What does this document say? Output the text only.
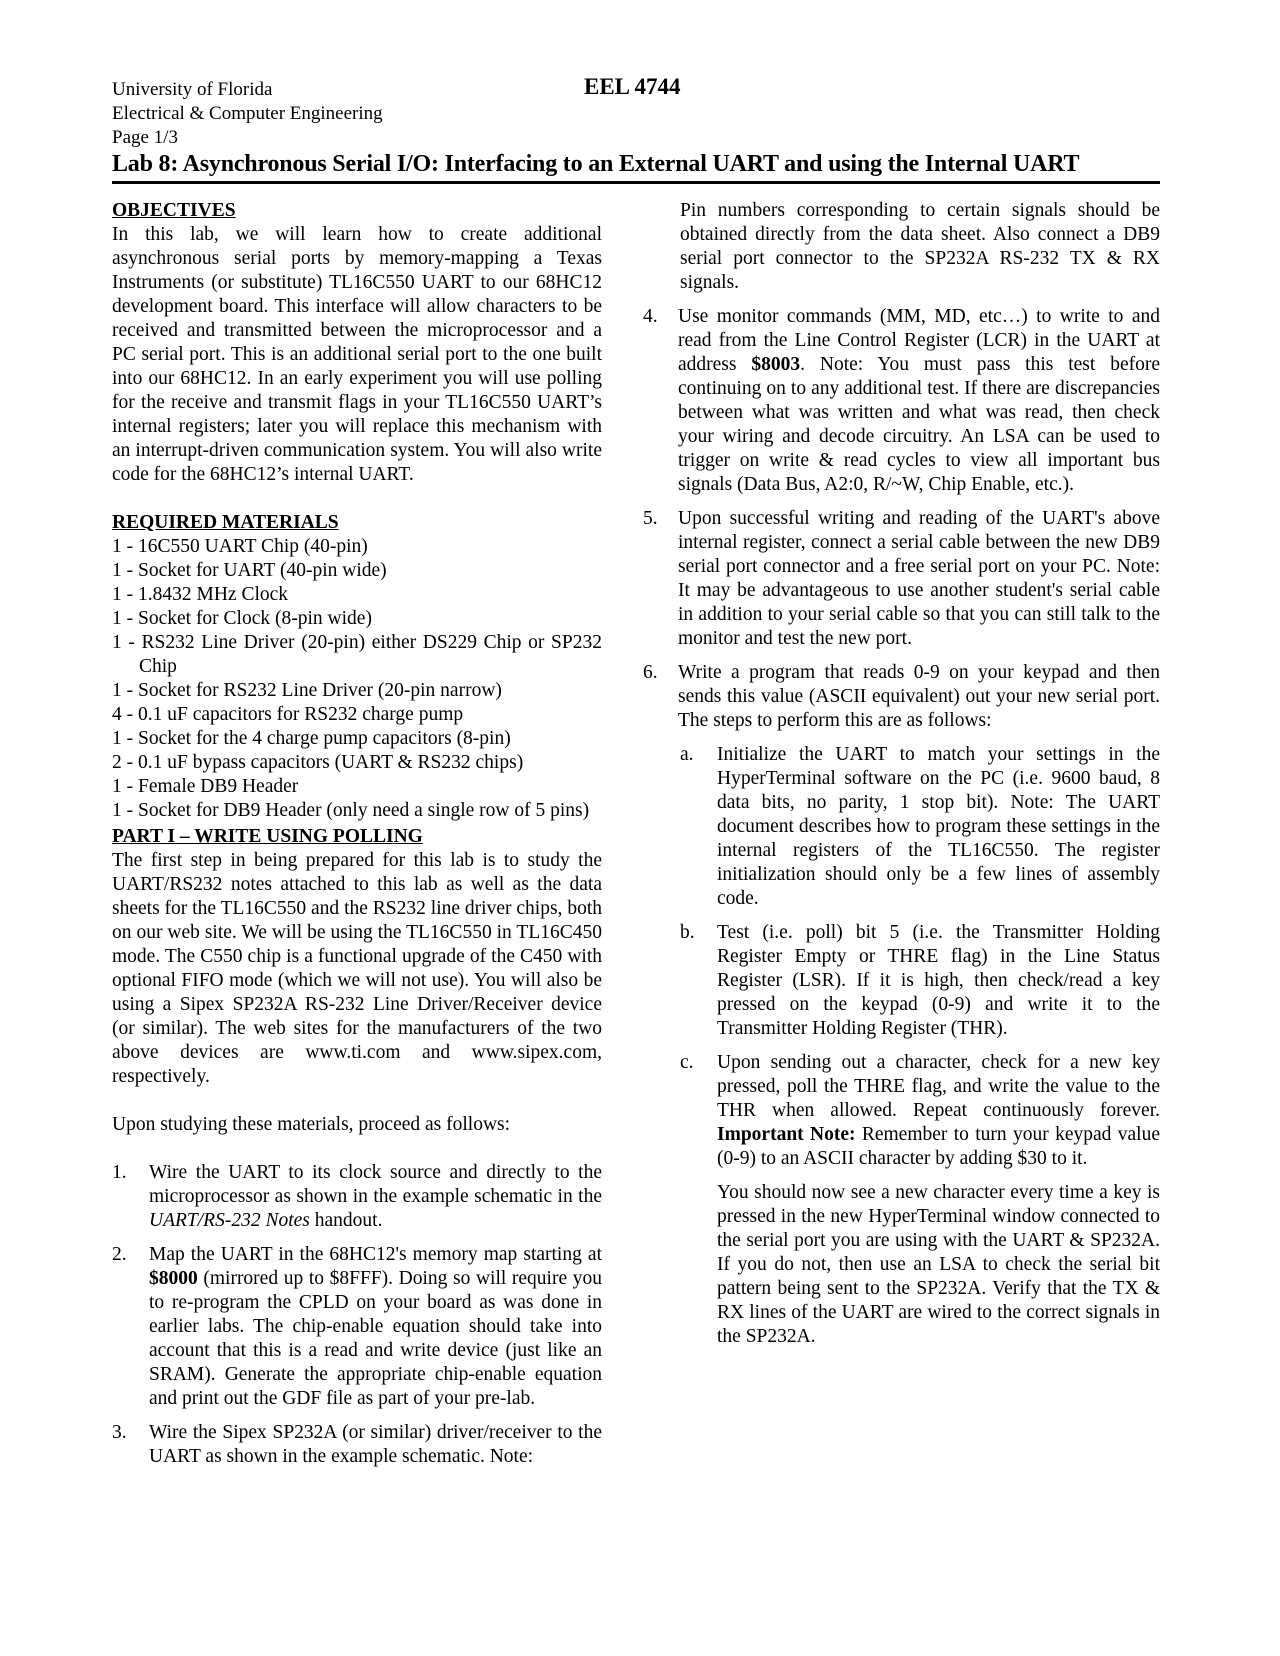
University of Florida
Electrical & Computer Engineering
Page 1/3
EEL 4744
Lab 8: Asynchronous Serial I/O: Interfacing to an External UART and using the Internal UART

OBJECTIVES

In this lab, we will learn how to create additional asynchronous serial ports by memory-mapping a Texas Instruments (or substitute) TL16C550 UART to our 68HC12 development board. This interface will allow characters to be received and transmitted between the microprocessor and a PC serial port. This is an additional serial port to the one built into our 68HC12. In an early experiment you will use polling for the receive and transmit flags in your TL16C550 UART’s internal registers; later you will replace this mechanism with an interrupt-driven communication system. You will also write code for the 68HC12’s internal UART.

REQUIRED MATERIALS

1 - 16C550 UART Chip (40-pin)

1 - Socket for UART (40-pin wide)

1 - 1.8432 MHz Clock

1 - Socket for Clock (8-pin wide)

1 - RS232 Line Driver (20-pin) either DS229 Chip or SP232 Chip

1 - Socket for RS232 Line Driver (20-pin narrow)

4 - 0.1 uF capacitors for RS232 charge pump

1 - Socket for the 4 charge pump capacitors (8-pin)

2 - 0.1 uF bypass capacitors (UART & RS232 chips)

1 - Female DB9 Header

1 - Socket for DB9 Header (only need a single row of 5 pins)

PART I – WRITE USING POLLING

The first step in being prepared for this lab is to study the UART/RS232 notes attached to this lab as well as the data sheets for the TL16C550 and the RS232 line driver chips, both on our web site. We will be using the TL16C550 in TL16C450 mode. The C550 chip is a functional upgrade of the C450 with optional FIFO mode (which we will not use). You will also be using a Sipex SP232A RS-232 Line Driver/Receiver device (or similar). The web sites for the manufacturers of the two above devices are www.ti.com and www.sipex.com, respectively.

Upon studying these materials, proceed as follows:

1. Wire the UART to its clock source and directly to the microprocessor as shown in the example schematic in the UART/RS-232 Notes handout.
2. Map the UART in the 68HC12's memory map starting at $8000 (mirrored up to $8FFF). Doing so will require you to re-program the CPLD on your board as was done in earlier labs. The chip-enable equation should take into account that this is a read and write device (just like an SRAM). Generate the appropriate chip-enable equation and print out the GDF file as part of your pre-lab.
3. Wire the Sipex SP232A (or similar) driver/receiver to the UART as shown in the example schematic. Note:

Pin numbers corresponding to certain signals should be obtained directly from the data sheet. Also connect a DB9 serial port connector to the SP232A RS-232 TX & RX signals.

4. Use monitor commands (MM, MD, etc…) to write to and read from the Line Control Register (LCR) in the UART at address $8003. Note: You must pass this test before continuing on to any additional test. If there are discrepancies between what was written and what was read, then check your wiring and decode circuitry. An LSA can be used to trigger on write & read cycles to view all important bus signals (Data Bus, A2:0, R/~W, Chip Enable, etc.).
5. Upon successful writing and reading of the UART's above internal register, connect a serial cable between the new DB9 serial port connector and a free serial port on your PC. Note: It may be advantageous to use another student's serial cable in addition to your serial cable so that you can still talk to the monitor and test the new port.
6. Write a program that reads 0-9 on your keypad and then sends this value (ASCII equivalent) out your new serial port. The steps to perform this are as follows:
a. Initialize the UART to match your settings in the HyperTerminal software on the PC (i.e. 9600 baud, 8 data bits, no parity, 1 stop bit). Note: The UART document describes how to program these settings in the internal registers of the TL16C550. The register initialization should only be a few lines of assembly code.
b. Test (i.e. poll) bit 5 (i.e. the Transmitter Holding Register Empty or THRE flag) in the Line Status Register (LSR). If it is high, then check/read a key pressed on the keypad (0-9) and write it to the Transmitter Holding Register (THR).
c. Upon sending out a character, check for a new key pressed, poll the THRE flag, and write the value to the THR when allowed. Repeat continuously forever. Important Note: Remember to turn your keypad value (0-9) to an ASCII character by adding $30 to it.

You should now see a new character every time a key is pressed in the new HyperTerminal window connected to the serial port you are using with the UART & SP232A. If you do not, then use an LSA to check the serial bit pattern being sent to the SP232A. Verify that the TX & RX lines of the UART are wired to the correct signals in the SP232A.
